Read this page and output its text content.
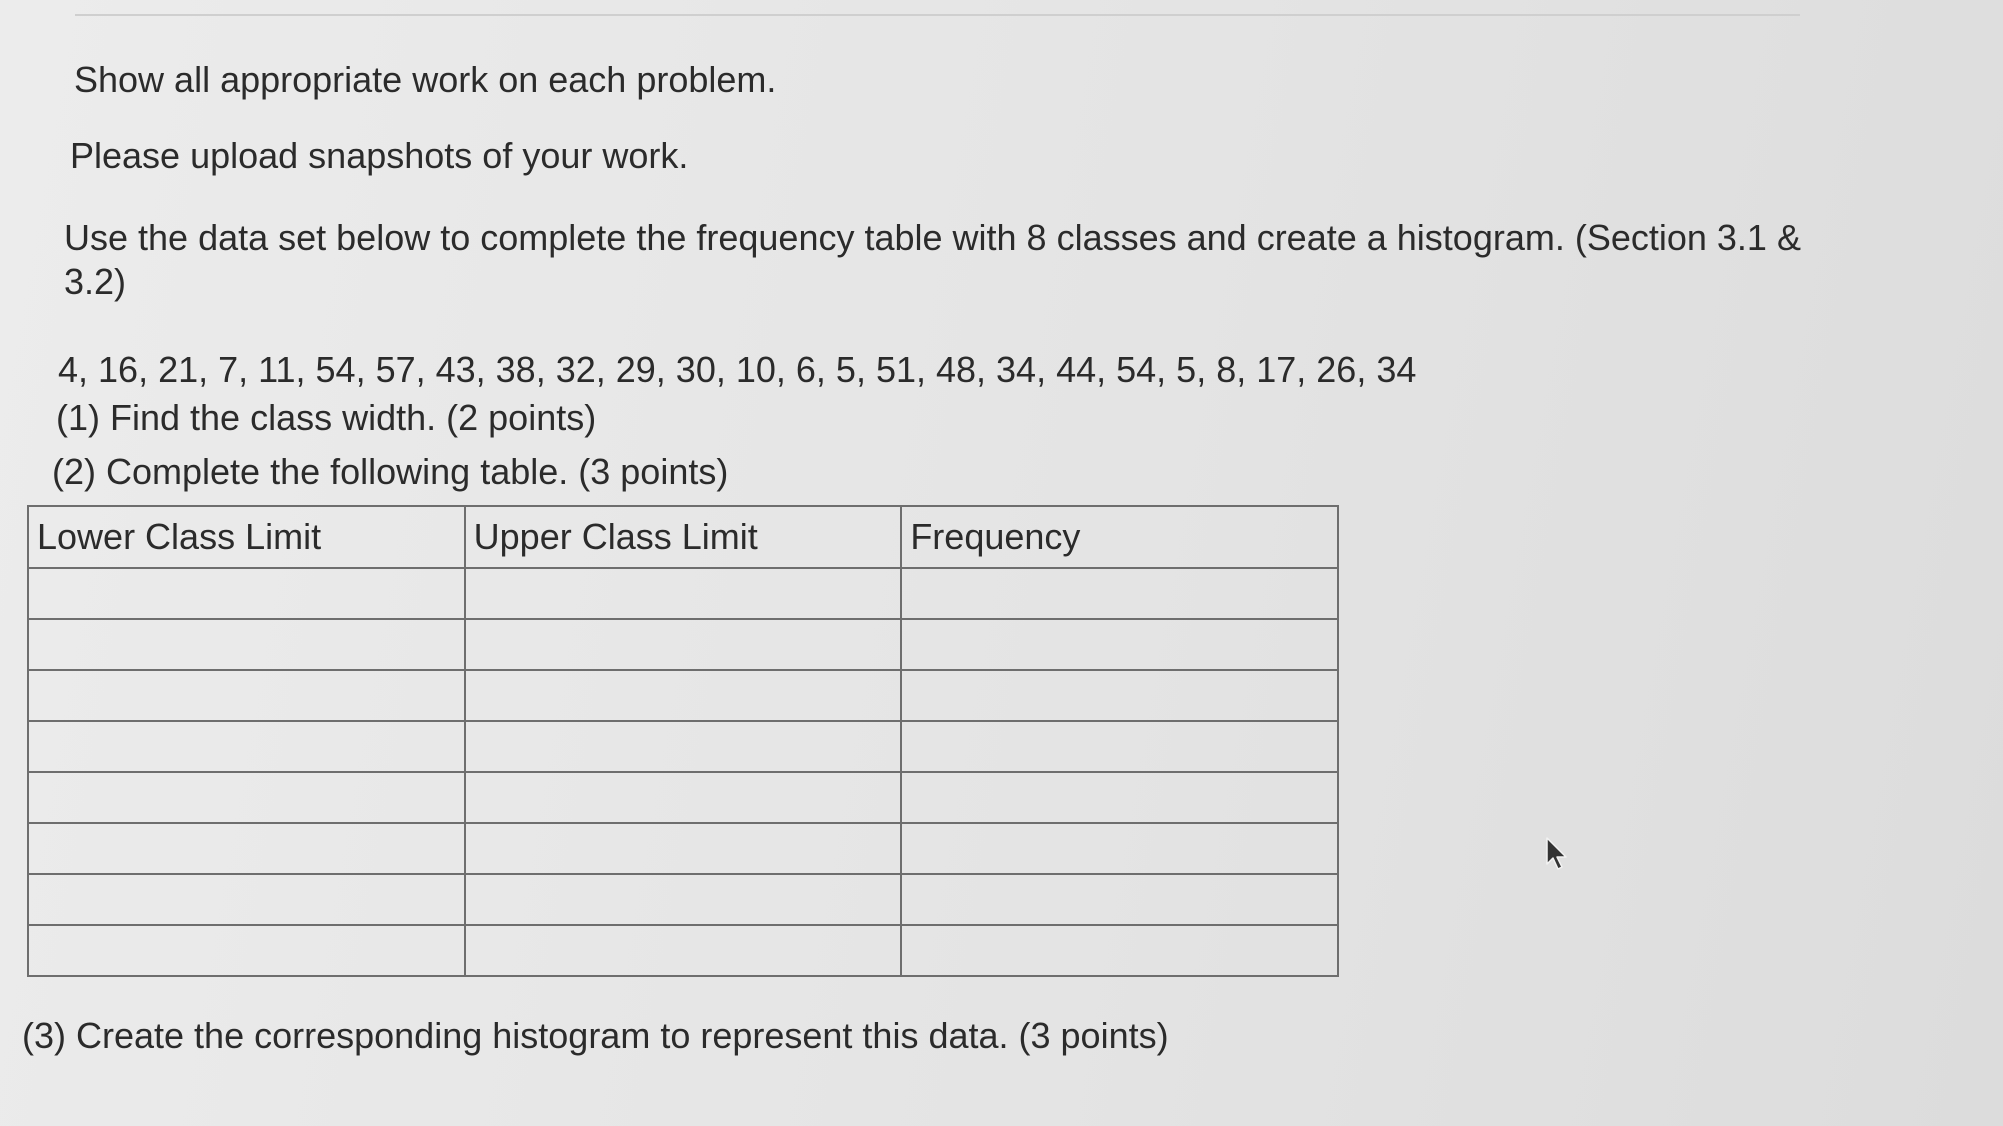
Show all appropriate work on each problem.

Please upload snapshots of your work.

Use the data set below to complete the frequency table with 8 classes and create a histogram. (Section 3.1 & 3.2)

4, 16, 21, 7, 11, 54, 57, 43, 38, 32, 29, 30, 10, 6, 5, 51, 48, 34, 44, 54, 5, 8, 17, 26, 34

(1) Find the class width. (2 points)

(2) Complete the following table. (3 points)

Lower Class Limit	Upper Class Limit	Frequency

(3) Create the corresponding histogram to represent this data. (3 points)
